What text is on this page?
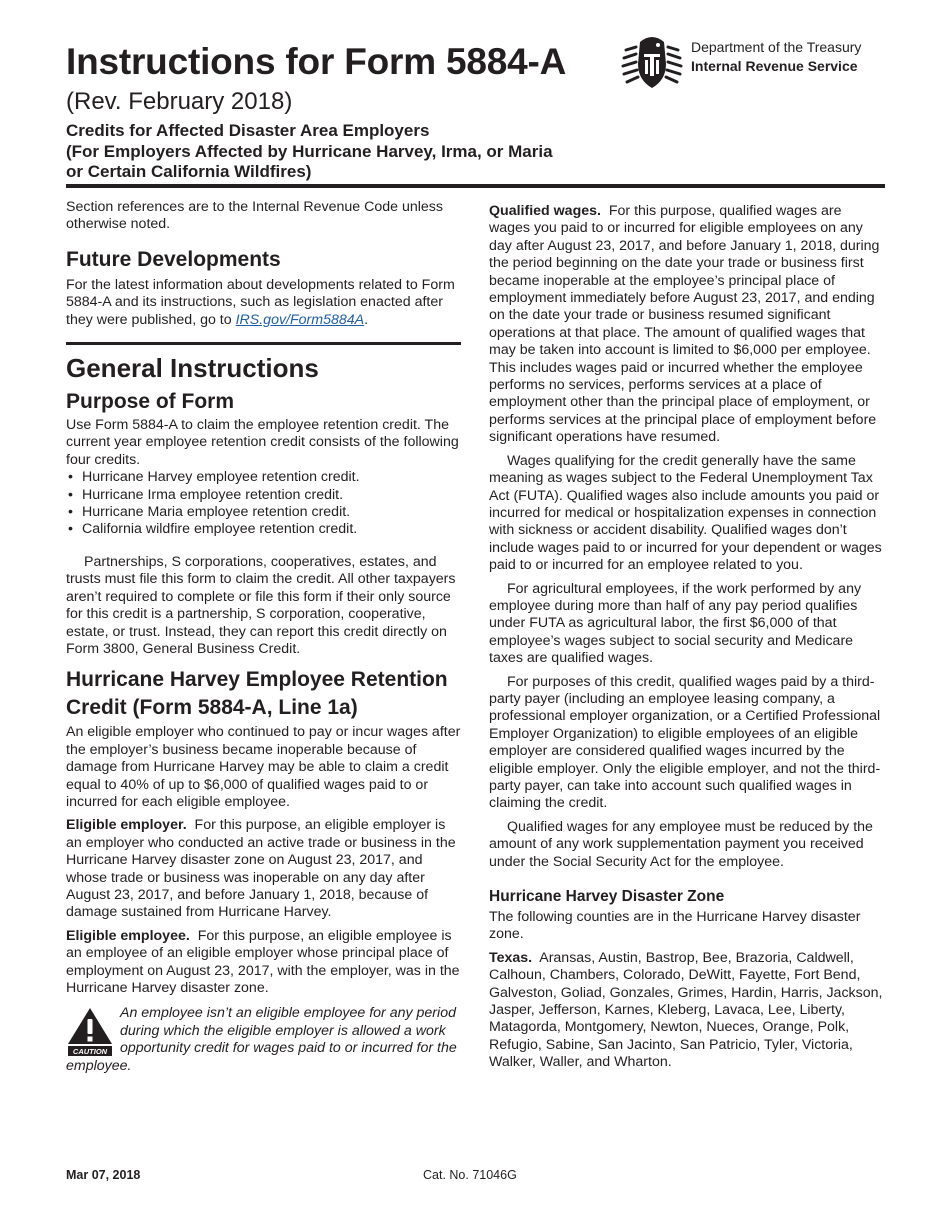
Instructions for Form 5884-A
(Rev. February 2018)
Credits for Affected Disaster Area Employers
(For Employers Affected by Hurricane Harvey, Irma, or Maria
or Certain California Wildfires)
Department of the Treasury
Internal Revenue Service

Section references are to the Internal Revenue Code unless otherwise noted.

Future Developments

For the latest information about developments related to Form 5884-A and its instructions, such as legislation enacted after they were published, go to IRS.gov/Form5884A.

General Instructions
Purpose of Form

Use Form 5884-A to claim the employee retention credit. The current year employee retention credit consists of the following four credits.

• Hurricane Harvey employee retention credit.
• Hurricane Irma employee retention credit.
• Hurricane Maria employee retention credit.
• California wildfire employee retention credit.

Partnerships, S corporations, cooperatives, estates, and trusts must file this form to claim the credit. All other taxpayers aren’t required to complete or file this form if their only source for this credit is a partnership, S corporation, cooperative, estate, or trust. Instead, they can report this credit directly on Form 3800, General Business Credit.

Hurricane Harvey Employee Retention Credit (Form 5884-A, Line 1a)

An eligible employer who continued to pay or incur wages after the employer’s business became inoperable because of damage from Hurricane Harvey may be able to claim a credit equal to 40% of up to $6,000 of qualified wages paid to or incurred for each eligible employee.

Eligible employer. For this purpose, an eligible employer is an employer who conducted an active trade or business in the Hurricane Harvey disaster zone on August 23, 2017, and whose trade or business was inoperable on any day after August 23, 2017, and before January 1, 2018, because of damage sustained from Hurricane Harvey.

Eligible employee. For this purpose, an eligible employee is an employee of an eligible employer whose principal place of employment on August 23, 2017, with the employer, was in the Hurricane Harvey disaster zone.

CAUTION
An employee isn’t an eligible employee for any period during which the eligible employer is allowed a work opportunity credit for wages paid to or incurred for the employee.

Qualified wages. For this purpose, qualified wages are wages you paid to or incurred for eligible employees on any day after August 23, 2017, and before January 1, 2018, during the period beginning on the date your trade or business first became inoperable at the employee’s principal place of employment immediately before August 23, 2017, and ending on the date your trade or business resumed significant operations at that place. The amount of qualified wages that may be taken into account is limited to $6,000 per employee. This includes wages paid or incurred whether the employee performs no services, performs services at a place of employment other than the principal place of employment, or performs services at the principal place of employment before significant operations have resumed.

Wages qualifying for the credit generally have the same meaning as wages subject to the Federal Unemployment Tax Act (FUTA). Qualified wages also include amounts you paid or incurred for medical or hospitalization expenses in connection with sickness or accident disability. Qualified wages don’t include wages paid to or incurred for your dependent or wages paid to or incurred for an employee related to you.

For agricultural employees, if the work performed by any employee during more than half of any pay period qualifies under FUTA as agricultural labor, the first $6,000 of that employee’s wages subject to social security and Medicare taxes are qualified wages.

For purposes of this credit, qualified wages paid by a third-party payer (including an employee leasing company, a professional employer organization, or a Certified Professional Employer Organization) to eligible employees of an eligible employer are considered qualified wages incurred by the eligible employer. Only the eligible employer, and not the third-party payer, can take into account such qualified wages in claiming the credit.

Qualified wages for any employee must be reduced by the amount of any work supplementation payment you received under the Social Security Act for the employee.

Hurricane Harvey Disaster Zone

The following counties are in the Hurricane Harvey disaster zone.

Texas. Aransas, Austin, Bastrop, Bee, Brazoria, Caldwell, Calhoun, Chambers, Colorado, DeWitt, Fayette, Fort Bend, Galveston, Goliad, Gonzales, Grimes, Hardin, Harris, Jackson, Jasper, Jefferson, Karnes, Kleberg, Lavaca, Lee, Liberty, Matagorda, Montgomery, Newton, Nueces, Orange, Polk, Refugio, Sabine, San Jacinto, San Patricio, Tyler, Victoria, Walker, Waller, and Wharton.

Mar 07, 2018	Cat. No. 71046G
